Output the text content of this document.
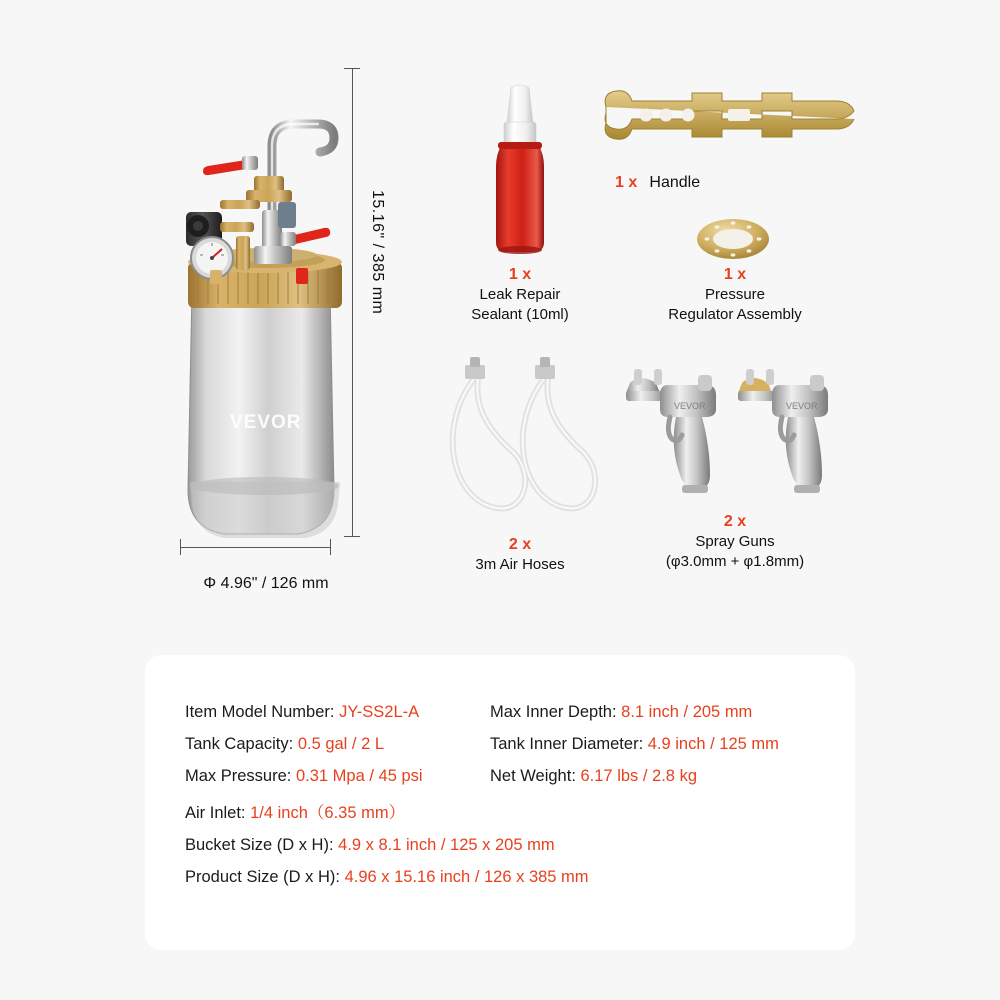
VEVOR
15.16" / 385 mm
Φ 4.96" / 126 mm
1 x
Leak Repair
Sealant (10ml)
1 x Handle
1 x
Pressure
Regulator Assembly
2 x
3m Air Hoses
VEVOR	VEVOR
2 x
Spray Guns
(φ3.0mm + φ1.8mm)
Item Model Number: JY-SS2L-A	Max Inner Depth: 8.1 inch / 205 mm
Tank Capacity: 0.5 gal / 2 L	Tank Inner Diameter: 4.9 inch / 125 mm
Max Pressure: 0.31 Mpa / 45 psi	Net Weight: 6.17 lbs / 2.8 kg
Air Inlet: 1/4 inch（6.35 mm）
Bucket Size (D x H): 4.9 x 8.1 inch / 125 x 205 mm
Product Size (D x H): 4.96 x 15.16 inch / 126 x 385 mm
